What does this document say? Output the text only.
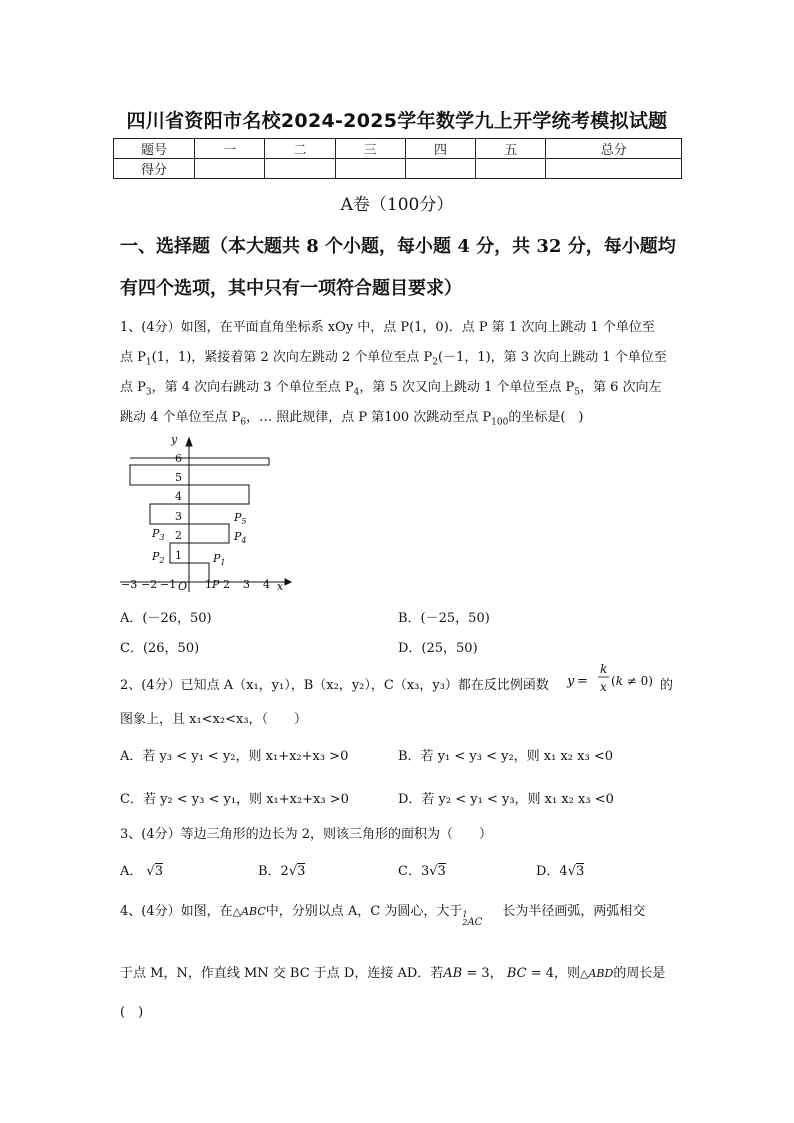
四川省资阳市名校2024-2025学年数学九上开学统考模拟试题
题号	一	二	三	四	五	总分
得分						
A卷（100分）
一、选择题（本大题共 8 个小题，每小题 4 分，共 32 分，每小题均
有四个选项，其中只有一项符合题目要求）
1、(4分）如图，在平面直角坐标系 xOy 中，点 P(1，0)．点 P 第 1 次向上跳动 1 个单位至
点 $P_1(1$，1)，紧接着第 2 次向左跳动 2 个单位至点 $P_2(-1$，1)，第 3 次向上跳动 1 个单位至
点 $P_3$，第 4 次向右跳动 3 个单位至点 $P_4$，第 5 次又向上跳动 1 个单位至点 $P_5$，第 6 次向左
跳动 4 个单位至点 $P_6$，… 照此规律，点 P 第100 次跳动至点 $P_{100}$的坐标是(　)
y
x
6
5
4
3
2
1
−3 −2 −1 O 1 P 2 3 4
$P_1$
$P_2$
$P_3$	$P_4$
$P_5$
A．(－26，50)	B．(－25，50)
C．(26，50)	D．(25，50)
2、(4分）已知点 A（x₁，y₁），B（x₂，y₂），C（x₃，y₃）都在反比例函数 y =
k
x (k ≠ 0) 的
图象上，且 x₁<x₂<x₃，（　　）
A．若 y₃ < y₁ < y₂，则 x₁+x₂+x₃ >0	B．若 y₁ < y₃ < y₂，则 x₁ x₂ x₃ <0
C．若 y₂ < y₃ < y₁，则 x₁+x₂+x₃ >0	D．若 y₂ < y₁ < y₃，则 x₁ x₂ x₃ <0
3、(4分）等边三角形的边长为 2，则该三角形的面积为（　　）
A． √3	B．2√3	C．3√3	D．4√3
4、(4分）如图，在△ABC中，分别以点 A，C 为圆心，大于1
2AC长为半径画弧，两弧相交
于点 M，N，作直线 MN 交 BC 于点 D，连接 AD．若AB = 3， BC = 4，则△ABD的周长是
(　)
